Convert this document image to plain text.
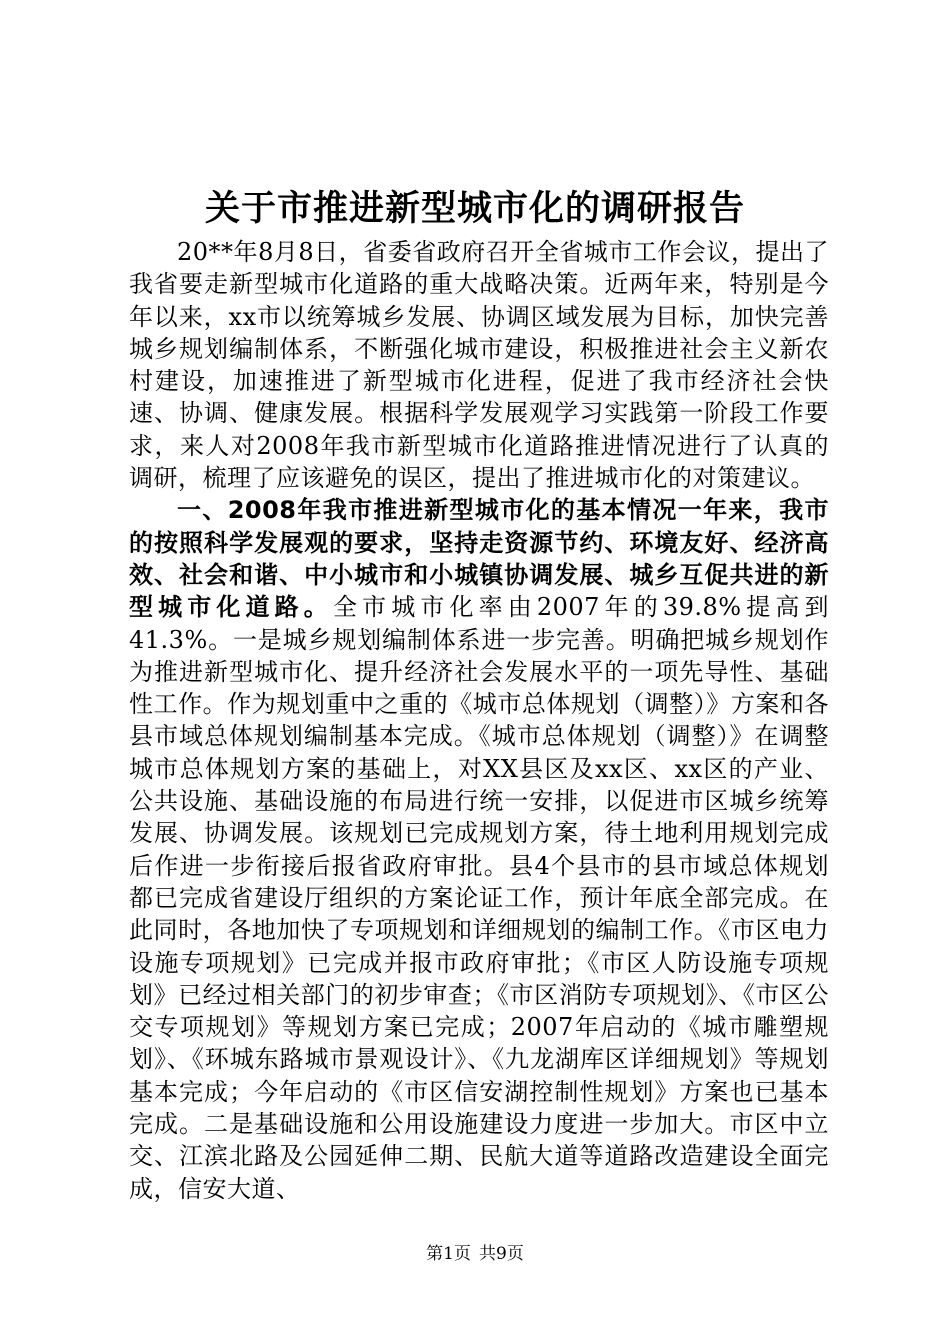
关于市推进新型城市化的调研报告

20**年8月8日，省委省政府召开全省城市工作会议，提出了我省要走新型城市化道路的重大战略决策。近两年来，特别是今年以来，xx市以统筹城乡发展、协调区域发展为目标，加快完善城乡规划编制体系，不断强化城市建设，积极推进社会主义新农村建设，加速推进了新型城市化进程，促进了我市经济社会快速、协调、健康发展。根据科学发展观学习实践第一阶段工作要求，来人对2008年我市新型城市化道路推进情况进行了认真的调研，梳理了应该避免的误区，提出了推进城市化的对策建议。

一、2008年我市推进新型城市化的基本情况一年来，我市的按照科学发展观的要求，坚持走资源节约、环境友好、经济高效、社会和谐、中小城市和小城镇协调发展、城乡互促共进的新型城市化道路。全市城市化率由2007年的39.8%提高到41.3%。一是城乡规划编制体系进一步完善。明确把城乡规划作为推进新型城市化、提升经济社会发展水平的一项先导性、基础性工作。作为规划重中之重的《城市总体规划（调整）》方案和各县市域总体规划编制基本完成。《城市总体规划（调整）》在调整城市总体规划方案的基础上，对XX县区及xx区、xx区的产业、公共设施、基础设施的布局进行统一安排，以促进市区城乡统筹发展、协调发展。该规划已完成规划方案，待土地利用规划完成后作进一步衔接后报省政府审批。县4个县市的县市域总体规划都已完成省建设厅组织的方案论证工作，预计年底全部完成。在此同时，各地加快了专项规划和详细规划的编制工作。《市区电力设施专项规划》已完成并报市政府审批；《市区人防设施专项规划》已经过相关部门的初步审查；《市区消防专项规划》、《市区公交专项规划》等规划方案已完成；2007年启动的《城市雕塑规划》、《环城东路城市景观设计》、《九龙湖库区详细规划》等规划基本完成；今年启动的《市区信安湖控制性规划》方案也已基本完成。二是基础设施和公用设施建设力度进一步加大。市区中立交、江滨北路及公园延伸二期、民航大道等道路改造建设全面完成，信安大道、

第1页 共9页
